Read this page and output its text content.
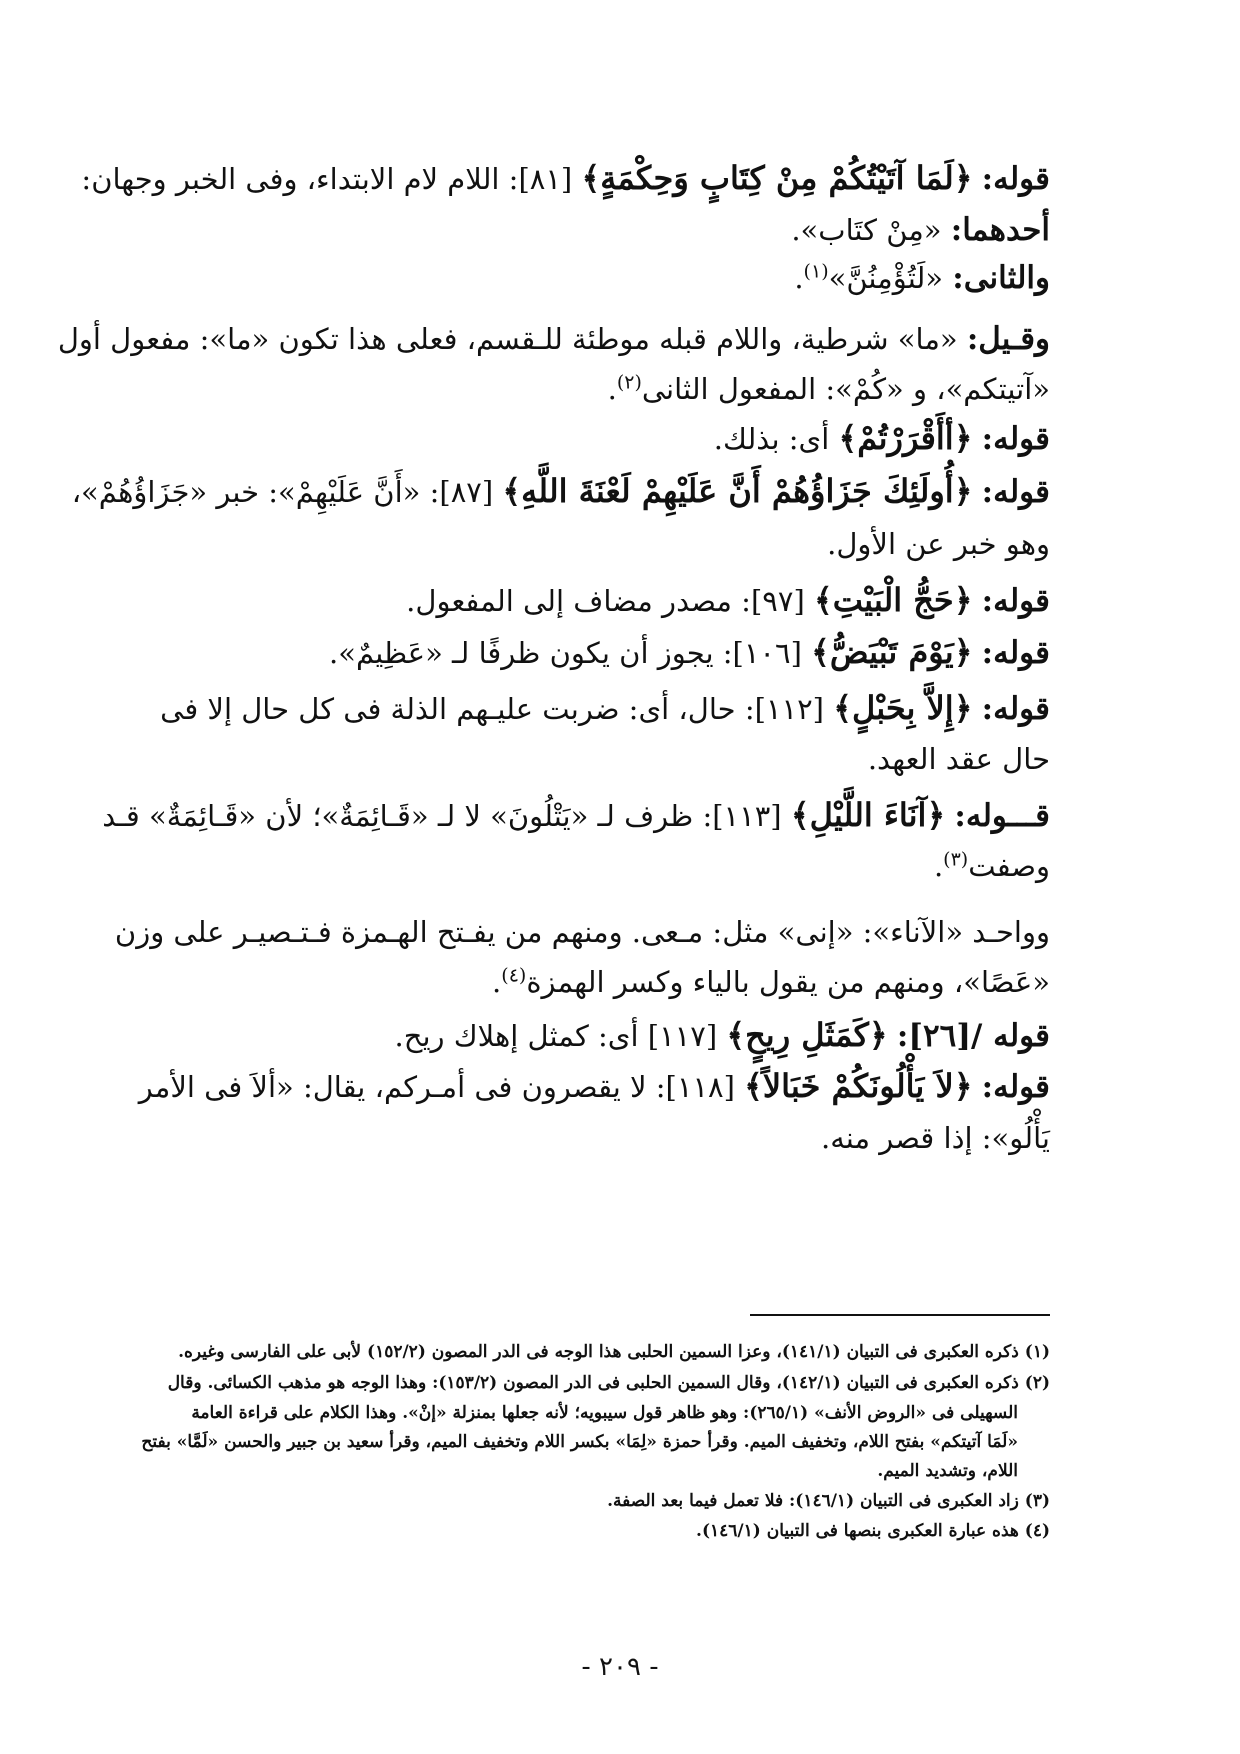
قوله: ﴿لَمَا آتَيْتُكُمْ مِنْ كِتَابٍ وَحِكْمَةٍ﴾ [٨١]: اللام لام الابتداء، وفى الخبر وجهان:
أحدهما: «مِنْ كتَاب».
والثانى: «لَتُؤْمِنُنَّ»$^{(١)}$.
وقـيل: «ما» شرطية، واللام قبله موطئة للـقسم، فعلى هذا تكون «ما»: مفعول أول
«آتيتكم»، و «كُمْ»: المفعول الثانى$^{(٢)}$.
قوله: ﴿أأَقْرَرْتُمْ﴾ أى: بذلك.
قوله: ﴿أُولَئِكَ جَزَاؤُهُمْ أَنَّ عَلَيْهِمْ لَعْنَةَ اللَّهِ﴾ [٨٧]: «أَنَّ عَلَيْهِمْ»: خبر «جَزَاؤُهُمْ»،
وهو خبر عن الأول.
قوله: ﴿حَجُّ الْبَيْتِ﴾ [٩٧]: مصدر مضاف إلى المفعول.
قوله: ﴿يَوْمَ تَبْيَضُّ﴾ [١٠٦]: يجوز أن يكون ظرفًا لـ «عَظِيمٌ».
قوله: ﴿إِلاَّ بِحَبْلٍ﴾ [١١٢]: حال، أى: ضربت عليـهم الذلة فى كل حال إلا فى
حال عقد العهد.
قـــوله: ﴿آنَاءَ اللَّيْلِ﴾ [١١٣]: ظرف لـ «يَتْلُونَ» لا لـ «قَـائِمَةٌ»؛ لأن «قَـائِمَةٌ» قـد
وصفت$^{(٣)}$.
وواحـد «الآناء»: «إنى» مثل: مـعى. ومنهم من يفـتح الهـمزة فـتـصيـر على وزن
«عَصًا»، ومنهم من يقول بالياء وكسر الهمزة$^{(٤)}$.
قوله /[٢٦]: ﴿كَمَثَلِ رِيحٍ﴾ [١١٧] أى: كمثل إهلاك ريح.
قوله: ﴿لاَ يَأْلُونَكُمْ خَبَالاً﴾ [١١٨]: لا يقصرون فى أمـركم، يقال: «ألاَ فى الأمر
يَأْلُو»: إذا قصر منه.
(١) ذكره العكبرى فى التبيان (١٤١/١)، وعزا السمين الحلبى هذا الوجه فى الدر المصون (١٥٢/٢) لأبى على الفارسى وغيره.
(٢) ذكره العكبرى فى التبيان (١٤٢/١)، وقال السمين الحلبى فى الدر المصون (١٥٣/٢): وهذا الوجه هو مذهب الكسائى. وقال
السهيلى فى «الروض الأنف» (٢٦٥/١): وهو ظاهر قول سيبويه؛ لأنه جعلها بمنزلة «إنْ». وهذا الكلام على قراءة العامة
«لَمَا آتيتكم» بفتح اللام، وتخفيف الميم. وقرأ حمزة «لِمَا» بكسر اللام وتخفيف الميم، وقرأ سعيد بن جبير والحسن «لَمَّا» بفتح
اللام، وتشديد الميم.
(٣) زاد العكبرى فى التبيان (١٤٦/١): فلا تعمل فيما بعد الصفة.
(٤) هذه عبارة العكبرى بنصها فى التبيان (١٤٦/١).
- ٢٠٩ -
